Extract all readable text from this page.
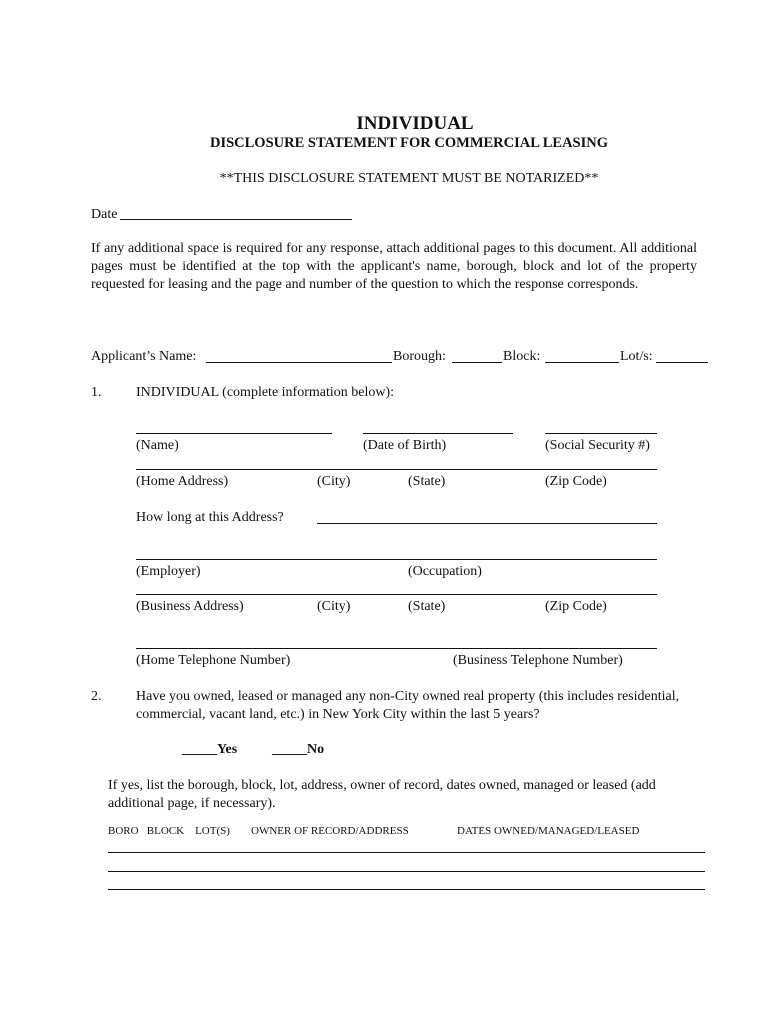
INDIVIDUAL
DISCLOSURE STATEMENT FOR COMMERCIAL LEASING
**THIS DISCLOSURE STATEMENT MUST BE NOTARIZED**
Date
If any additional space is required for any response, attach additional pages to this document. All additional pages must be identified at the top with the applicant's name, borough, block and lot of the property requested for leasing and the page and number of the question to which the response corresponds.
Applicant’s Name:	Borough:	Block:	Lot/s:
1. INDIVIDUAL (complete information below):
(Name)	(Date of Birth)	(Social Security #)
(Home Address)	(City)	(State)	(Zip Code)
How long at this Address?
(Employer)	(Occupation)
(Business Address)	(City)	(State)	(Zip Code)
(Home Telephone Number)	(Business Telephone Number)
2. Have you owned, leased or managed any non-City owned real property (this includes residential,
commercial, vacant land, etc.) in New York City within the last 5 years?
_____Yes _____No
If yes, list the borough, block, lot, address, owner of record, dates owned, managed or leased (add
additional page, if necessary).
BORO   BLOCK    LOT(S) OWNER OF RECORD/ADDRESS	DATES OWNED/MANAGED/LEASED
